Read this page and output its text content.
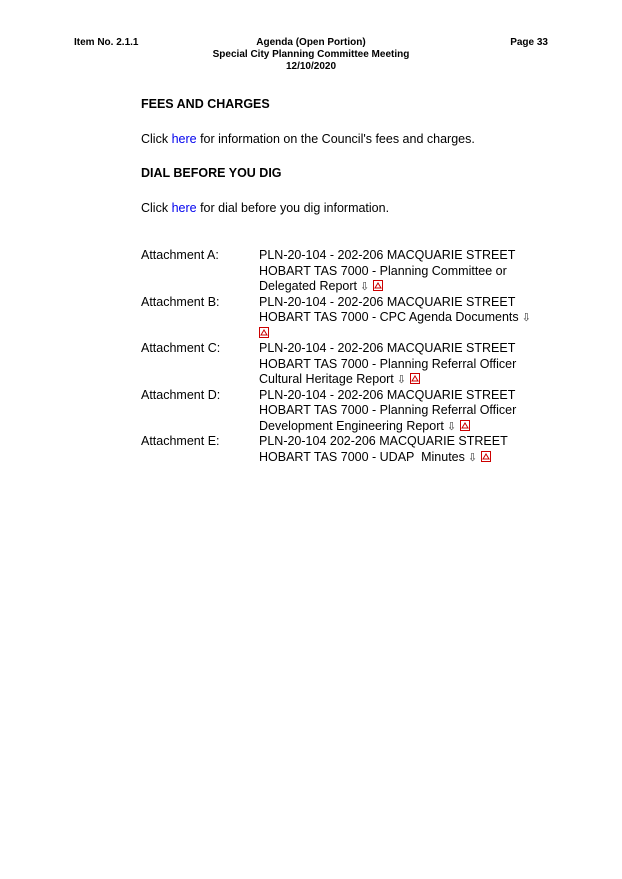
Item No. 2.1.1	Agenda (Open Portion)
Special City Planning Committee Meeting
12/10/2020
Page 33
FEES AND CHARGES
Click here for information on the Council's fees and charges.
DIAL BEFORE YOU DIG
Click here for dial before you dig information.
Attachment A:	PLN-20-104 - 202-206 MACQUARIE STREET HOBART TAS 7000 - Planning Committee or Delegated Report ⇩
Attachment B:	PLN-20-104 - 202-206 MACQUARIE STREET HOBART TAS 7000 - CPC Agenda Documents ⇩
Attachment C:	PLN-20-104 - 202-206 MACQUARIE STREET HOBART TAS 7000 - Planning Referral Officer Cultural Heritage Report ⇩
Attachment D:	PLN-20-104 - 202-206 MACQUARIE STREET HOBART TAS 7000 - Planning Referral Officer Development Engineering Report ⇩
Attachment E:	PLN-20-104 202-206 MACQUARIE STREET HOBART TAS 7000 - UDAP  Minutes ⇩
